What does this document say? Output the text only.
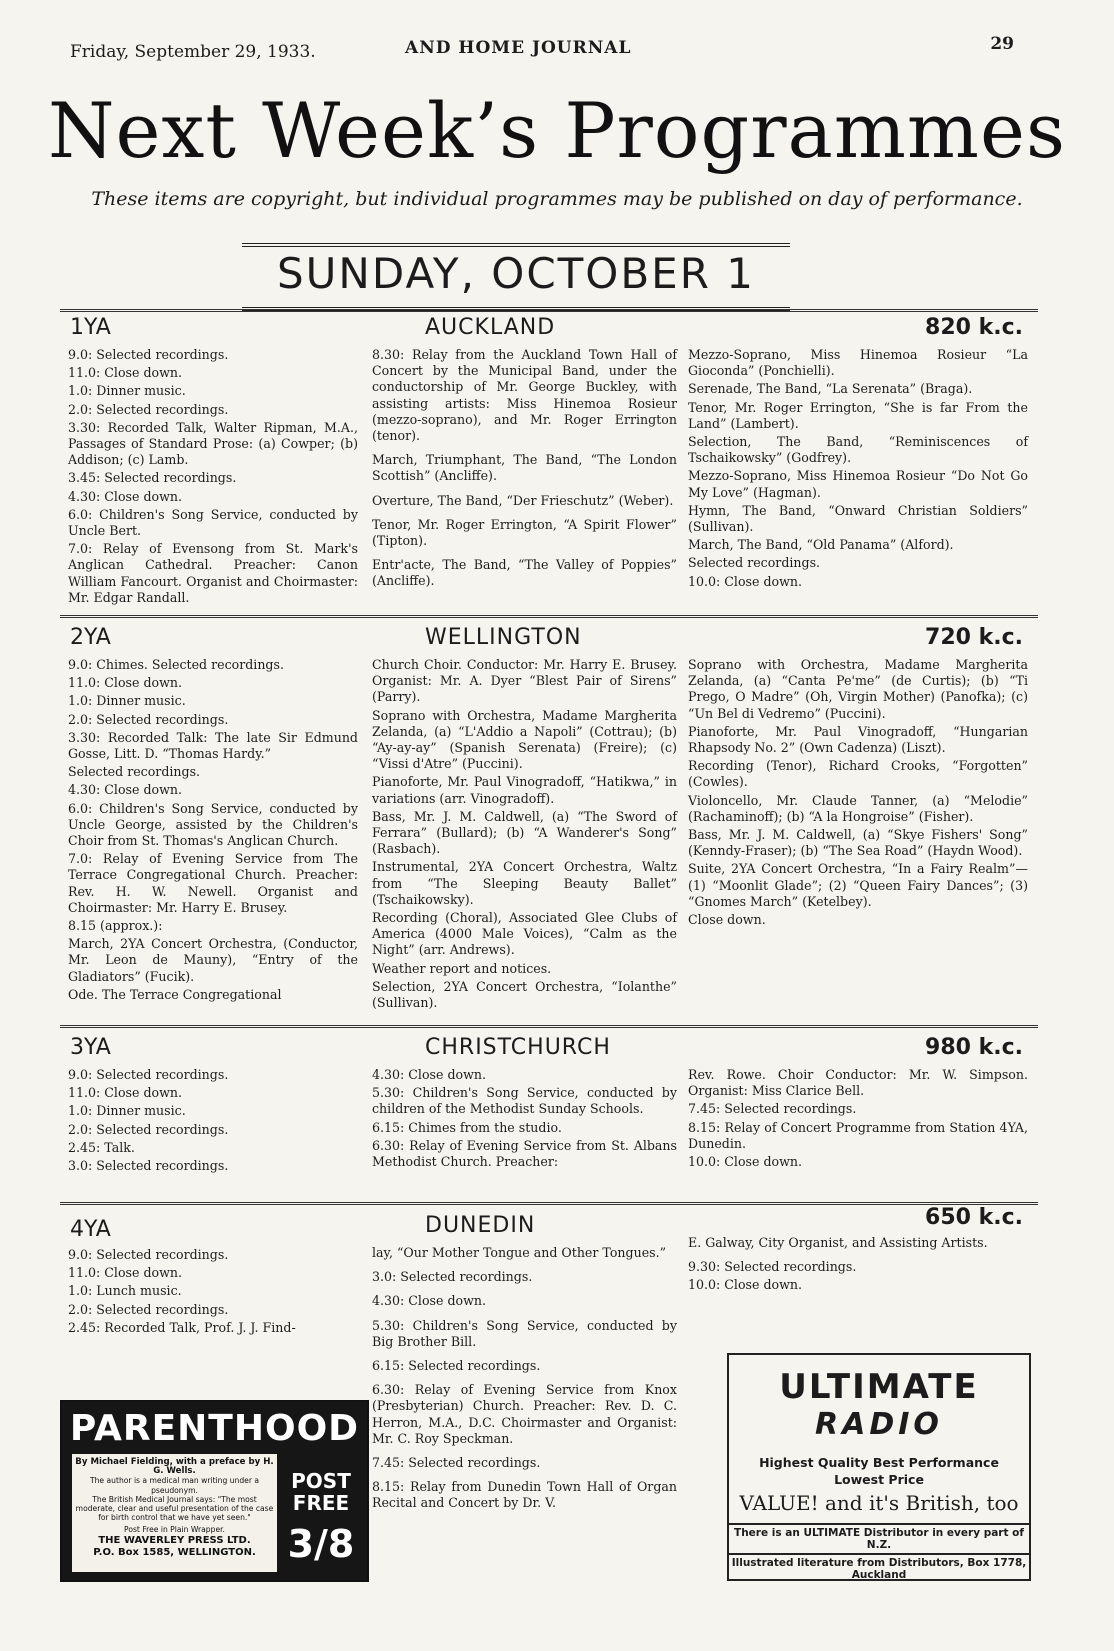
Friday, September 29, 1933.	AND HOME JOURNAL	29
Next Week’s Programmes
These items are copyright, but individual programmes may be published on day of performance.
SUNDAY, OCTOBER 1
1YA	AUCKLAND	820 k.c.

9.0: Selected recordings.

11.0: Close down.

1.0: Dinner music.

2.0: Selected recordings.

3.30: Recorded Talk, Walter Ripman, M.A., Passages of Standard Prose: (a) Cowper; (b) Addison; (c) Lamb.

3.45: Selected recordings.

4.30: Close down.

6.0: Children's Song Service, conducted by Uncle Bert.

7.0: Relay of Evensong from St. Mark's Anglican Cathedral. Preacher: Canon William Fancourt. Organist and Choirmaster: Mr. Edgar Randall.

8.30: Relay from the Auckland Town Hall of Concert by the Municipal Band, under the conductorship of Mr. George Buckley, with assisting artists: Miss Hinemoa Rosieur (mezzo-soprano), and Mr. Roger Errington (tenor).

March, Triumphant, The Band, “The London Scottish” (Ancliffe).

Overture, The Band, “Der Frieschutz” (Weber).

Tenor, Mr. Roger Errington, “A Spirit Flower” (Tipton).

Entr'acte, The Band, “The Valley of Poppies” (Ancliffe).

Mezzo-Soprano, Miss Hinemoa Rosieur “La Gioconda” (Ponchielli).

Serenade, The Band, “La Serenata” (Braga).

Tenor, Mr. Roger Errington, “She is far From the Land” (Lambert).

Selection, The Band, “Reminiscences of Tschaikowsky” (Godfrey).

Mezzo-Soprano, Miss Hinemoa Rosieur “Do Not Go My Love” (Hagman).

Hymn, The Band, “Onward Christian Soldiers” (Sullivan).

March, The Band, “Old Panama” (Alford).

Selected recordings.

10.0: Close down.

2YA	WELLINGTON	720 k.c.

9.0: Chimes. Selected recordings.

11.0: Close down.

1.0: Dinner music.

2.0: Selected recordings.

3.30: Recorded Talk: The late Sir Edmund Gosse, Litt. D. “Thomas Hardy.”

Selected recordings.

4.30: Close down.

6.0: Children's Song Service, conducted by Uncle George, assisted by the Children's Choir from St. Thomas's Anglican Church.

7.0: Relay of Evening Service from The Terrace Congregational Church. Preacher: Rev. H. W. Newell. Organist and Choirmaster: Mr. Harry E. Brusey.

8.15 (approx.):

March, 2YA Concert Orchestra, (Conductor, Mr. Leon de Mauny), “Entry of the Gladiators” (Fucik).

Ode. The Terrace Congregational

Church Choir. Conductor: Mr. Harry E. Brusey. Organist: Mr. A. Dyer “Blest Pair of Sirens” (Parry).

Soprano with Orchestra, Madame Margherita Zelanda, (a) “L'Addio a Napoli” (Cottrau); (b) “Ay-ay-ay” (Spanish Serenata) (Freire); (c) “Vissi d'Atre” (Puccini).

Pianoforte, Mr. Paul Vinogradoff, “Hatikwa,” in variations (arr. Vinogradoff).

Bass, Mr. J. M. Caldwell, (a) “The Sword of Ferrara” (Bullard); (b) “A Wanderer's Song” (Rasbach).

Instrumental, 2YA Concert Orchestra, Waltz from “The Sleeping Beauty Ballet” (Tschaikowsky).

Recording (Choral), Associated Glee Clubs of America (4000 Male Voices), “Calm as the Night” (arr. Andrews).

Weather report and notices.

Selection, 2YA Concert Orchestra, “Iolanthe” (Sullivan).

Soprano with Orchestra, Madame Margherita Zelanda, (a) “Canta Pe'me” (de Curtis); (b) “Ti Prego, O Madre” (Oh, Virgin Mother) (Panofka); (c) “Un Bel di Vedremo” (Puccini).

Pianoforte, Mr. Paul Vinogradoff, “Hungarian Rhapsody No. 2” (Own Cadenza) (Liszt).

Recording (Tenor), Richard Crooks, “Forgotten” (Cowles).

Violoncello, Mr. Claude Tanner, (a) “Melodie” (Rachaminoff); (b) “A la Hongroise” (Fisher).

Bass, Mr. J. M. Caldwell, (a) “Skye Fishers' Song” (Kenndy-Fraser); (b) “The Sea Road” (Haydn Wood).

Suite, 2YA Concert Orchestra, “In a Fairy Realm”—(1) “Moonlit Glade”; (2) “Queen Fairy Dances”; (3) “Gnomes March” (Ketelbey).

Close down.

3YA	CHRISTCHURCH	980 k.c.

9.0: Selected recordings.

11.0: Close down.

1.0: Dinner music.

2.0: Selected recordings.

2.45: Talk.

3.0: Selected recordings.

4.30: Close down.

5.30: Children's Song Service, conducted by children of the Methodist Sunday Schools.

6.15: Chimes from the studio.

6.30: Relay of Evening Service from St. Albans Methodist Church. Preacher:

Rev. Rowe. Choir Conductor: Mr. W. Simpson. Organist: Miss Clarice Bell.

7.45: Selected recordings.

8.15: Relay of Concert Programme from Station 4YA, Dunedin.

10.0: Close down.

4YA	DUNEDIN	650 k.c.

9.0: Selected recordings.

11.0: Close down.

1.0: Lunch music.

2.0: Selected recordings.

2.45: Recorded Talk, Prof. J. J. Find-

lay, “Our Mother Tongue and Other Tongues.”

3.0: Selected recordings.

4.30: Close down.

5.30: Children's Song Service, conducted by Big Brother Bill.

6.15: Selected recordings.

6.30: Relay of Evening Service from Knox (Presbyterian) Church. Preacher: Rev. D. C. Herron, M.A., D.C. Choirmaster and Organist: Mr. C. Roy Speckman.

7.45: Selected recordings.

8.15: Relay from Dunedin Town Hall of Organ Recital and Concert by Dr. V.

E. Galway, City Organist, and Assisting Artists.

9.30: Selected recordings.

10.0: Close down.

PARENTHOOD

By Michael Fielding, with a preface by H. G. Wells.

The author is a medical man writing under a pseudonym.

The British Medical Journal says: "The most moderate, clear and useful presentation of the case for birth control that we have yet seen."

Post Free in Plain Wrapper.

THE WAVERLEY PRESS LTD.

P.O. Box 1585, WELLINGTON.

POST FREE
3/8
ULTIMATE
RADIO
Highest Quality Best Performance
Lowest Price
VALUE! and it's British, too
There is an ULTIMATE Distributor in every part of N.Z.
Illustrated literature from Distributors, Box 1778, Auckland
